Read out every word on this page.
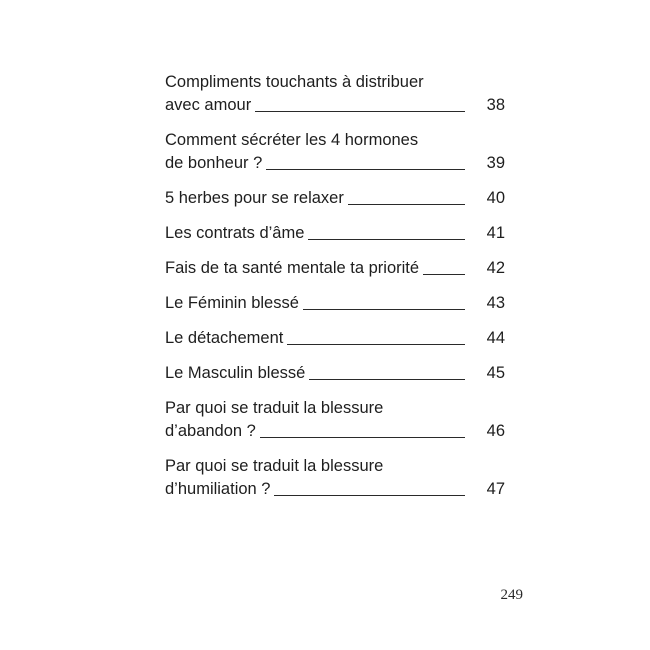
Compliments touchants à distribuer
avec amour	38
Comment sécréter les 4 hormones
de bonheur ?	39
5 herbes pour se relaxer	40
Les contrats d’âme	41
Fais de ta santé mentale ta priorité	42
Le Féminin blessé	43
Le détachement	44
Le Masculin blessé	45
Par quoi se traduit la blessure
d’abandon ?	46
Par quoi se traduit la blessure
d’humiliation ?	47
249
